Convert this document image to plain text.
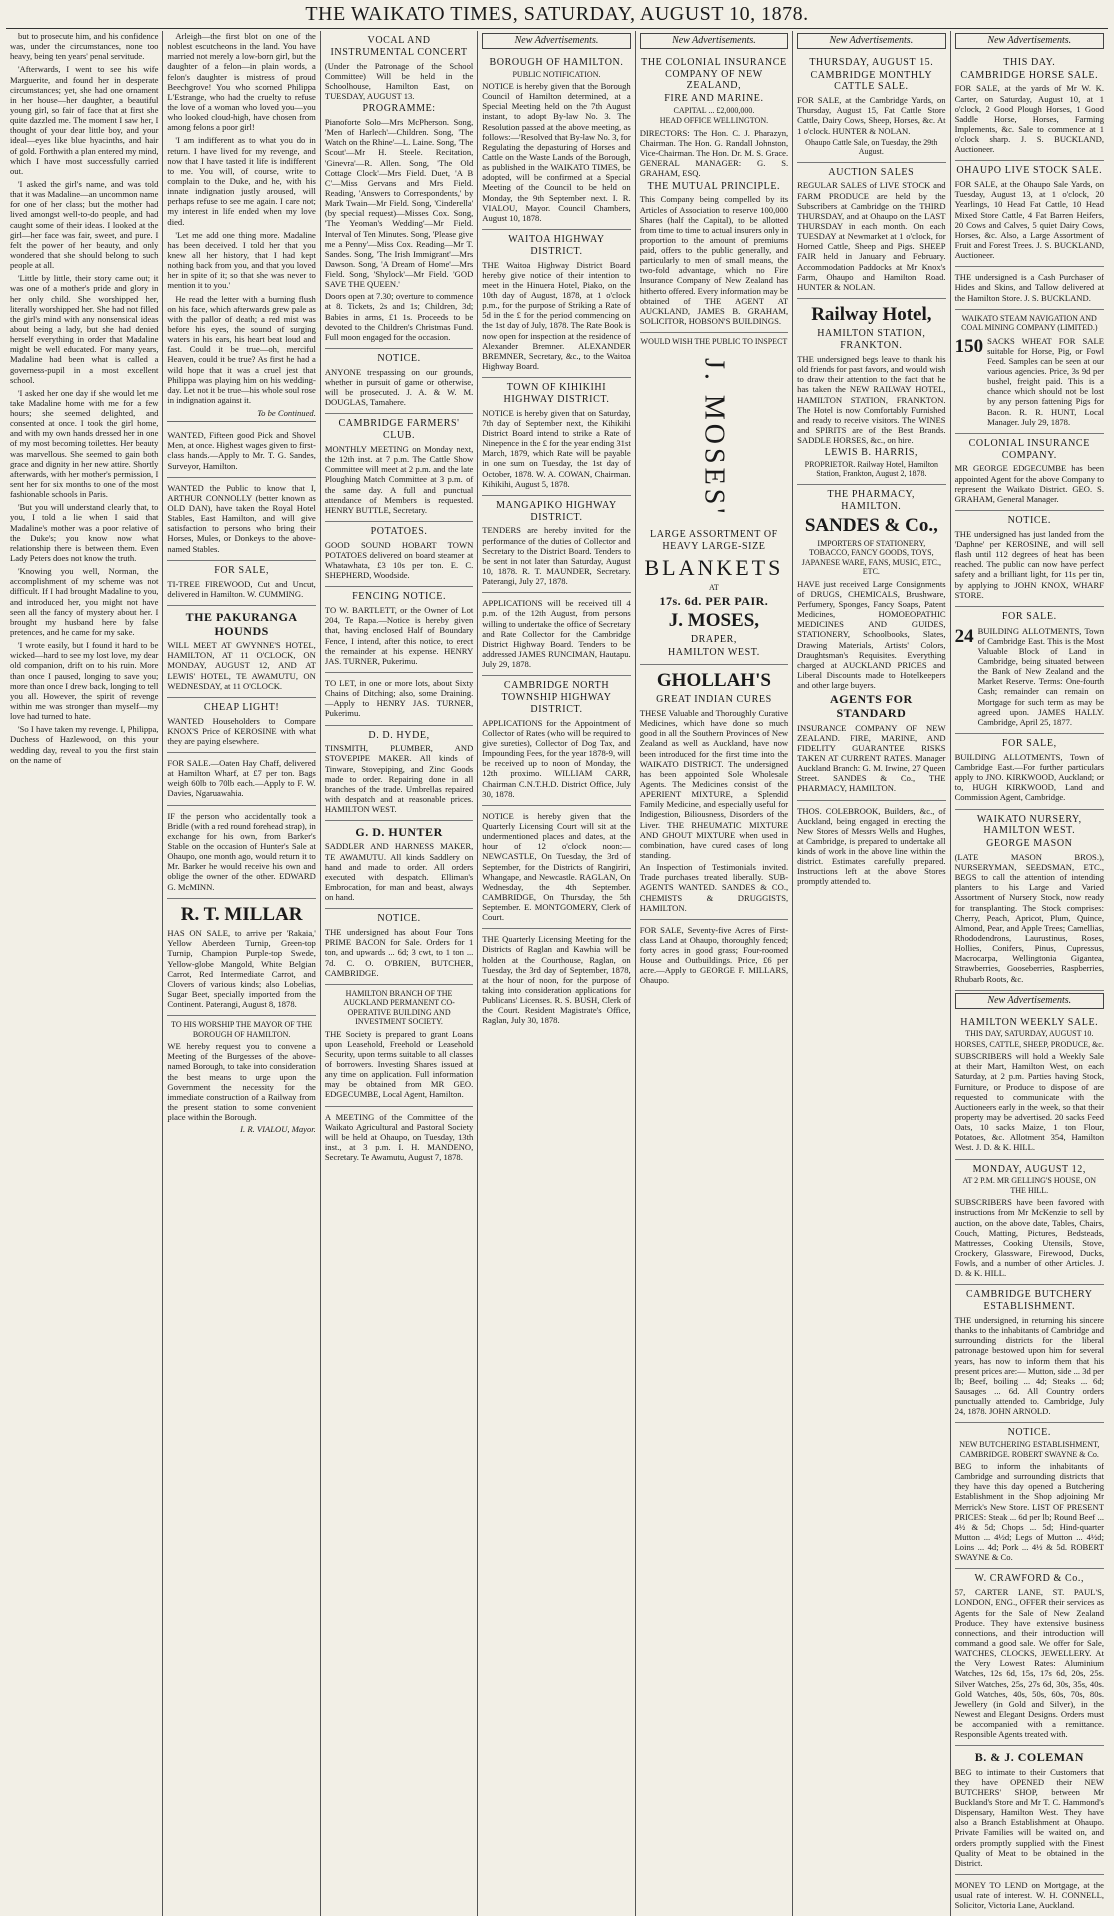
THE WAIKATO TIMES, SATURDAY, AUGUST 10, 1878.

but to prosecute him, and his confidence was, under the circumstances, none too heavy, being ten years' penal servitude.

'Afterwards, I went to see his wife Marguerite, and found her in desperate circumstances; yet, she had one ornament in her house—her daughter, a beautiful young girl, so fair of face that at first she quite dazzled me. The moment I saw her, I thought of your dear little boy, and your ideal—eyes like blue hyacinths, and hair of gold. Forthwith a plan entered my mind, which I have most successfully carried out.

'I asked the girl's name, and was told that it was Madaline—an uncommon name for one of her class; but the mother had lived amongst well-to-do people, and had caught some of their ideas. I looked at the girl—her face was fair, sweet, and pure. I felt the power of her beauty, and only wondered that she should belong to such people at all.

'Little by little, their story came out; it was one of a mother's pride and glory in her only child. She worshipped her, literally worshipped her. She had not filled the girl's mind with any nonsensical ideas about being a lady, but she had denied herself everything in order that Madaline might be well educated. For many years, Madaline had been what is called a governess-pupil in a most excellent school.

'I asked her one day if she would let me take Madaline home with me for a few hours; she seemed delighted, and consented at once. I took the girl home, and with my own hands dressed her in one of my most becoming toilettes. Her beauty was marvellous. She seemed to gain both grace and dignity in her new attire. Shortly afterwards, with her mother's permission, I sent her for six months to one of the most fashionable schools in Paris.

'But you will understand clearly that, to you, I told a lie when I said that Madaline's mother was a poor relative of the Duke's; you know now what relationship there is between them. Even Lady Peters does not know the truth.

'Knowing you well, Norman, the accomplishment of my scheme was not difficult. If I had brought Madaline to you, and introduced her, you might not have seen all the fancy of mystery about her. I brought my husband here by false pretences, and he came for my sake.

'I wrote easily, but I found it hard to be wicked—hard to see my lost love, my dear old companion, drift on to his ruin. More than once I paused, longing to save you; more than once I drew back, longing to tell you all. However, the spirit of revenge within me was stronger than myself—my love had turned to hate.

'So I have taken my revenge. I, Philippa, Duchess of Hazlewood, on this your wedding day, reveal to you the first stain on the name of

Arleigh—the first blot on one of the noblest escutcheons in the land. You have married not merely a low-born girl, but the daughter of a felon—in plain words, a felon's daughter is mistress of proud Beechgrove! You who scorned Philippa L'Estrange, who had the cruelty to refuse the love of a woman who loved you—you who looked cloud-high, have chosen from among felons a poor girl!

'I am indifferent as to what you do in return. I have lived for my revenge, and now that I have tasted it life is indifferent to me. You will, of course, write to complain to the Duke, and he, with his innate indignation justly aroused, will perhaps refuse to see me again. I care not; my interest in life ended when my love died.

'Let me add one thing more. Madaline has been deceived. I told her that you knew all her history, that I had kept nothing back from you, and that you loved her in spite of it; so that she was never to mention it to you.'

He read the letter with a burning flush on his face, which afterwards grew pale as with the pallor of death; a red mist was before his eyes, the sound of surging waters in his ears, his heart beat loud and fast. Could it be true—oh, merciful Heaven, could it be true? As first he had a wild hope that it was a cruel jest that Philippa was playing him on his wedding-day. Let not it be true—his whole soul rose in indignation against it.

To be Continued.
WANTED, Fifteen good Pick and Shovel Men, at once. Highest wages given to first-class hands.—Apply to Mr. T. G. Sandes, Surveyor, Hamilton.
WANTED the Public to know that I, ARTHUR CONNOLLY (better known as OLD DAN), have taken the Royal Hotel Stables, East Hamilton, and will give satisfaction to persons who bring their Horses, Mules, or Donkeys to the above-named Stables.
FOR SALE,
TI-TREE FIREWOOD, Cut and Uncut, delivered in Hamilton. W. CUMMING.
THE PAKURANGA HOUNDS
WILL MEET AT GWYNNE'S HOTEL, HAMILTON, AT 11 O'CLOCK, ON MONDAY, AUGUST 12, AND AT LEWIS' HOTEL, TE AWAMUTU, ON WEDNESDAY, at 11 O'CLOCK.
CHEAP LIGHT!
WANTED Householders to Compare KNOX'S Price of KEROSINE with what they are paying elsewhere.
FOR SALE.—Oaten Hay Chaff, delivered at Hamilton Wharf, at £7 per ton. Bags weigh 60lb to 70lb each.—Apply to F. W. Davies, Ngaruawahia.
IF the person who accidentally took a Bridle (with a red round forehead strap), in exchange for his own, from Barker's Stable on the occasion of Hunter's Sale at Ohaupo, one month ago, would return it to Mr. Barker he would receive his own and oblige the owner of the other. EDWARD G. McMINN.
R. T. MILLAR
HAS ON SALE, to arrive per 'Rakaia,' Yellow Aberdeen Turnip, Green-top Turnip, Champion Purple-top Swede, Yellow-globe Mangold, White Belgian Carrot, Red Intermediate Carrot, and Clovers of various kinds; also Lobelias, Sugar Beet, specially imported from the Continent. Paterangi, August 8, 1878.
TO HIS WORSHIP THE MAYOR OF THE BOROUGH OF HAMILTON.
WE hereby request you to convene a Meeting of the Burgesses of the above-named Borough, to take into consideration the best means to urge upon the Government the necessity for the immediate construction of a Railway from the present station to some convenient place within the Borough.
I. R. VIALOU, Mayor.
VOCAL AND INSTRUMENTAL CONCERT
(Under the Patronage of the School Committee) Will be held in the Schoolhouse, Hamilton East, on TUESDAY, AUGUST 13.
PROGRAMME:
Pianoforte Solo—Mrs McPherson. Song, 'Men of Harlech'—Children. Song, 'The Watch on the Rhine'—L. Laine. Song, 'The Scout'—Mr H. Steele. Recitation, 'Ginevra'—R. Allen. Song, 'The Old Cottage Clock'—Mrs Field. Duet, 'A B C'—Miss Gervans and Mrs Field. Reading, 'Answers to Correspondents,' by Mark Twain—Mr Field. Song, 'Cinderella' (by special request)—Misses Cox. Song, 'The Yeoman's Wedding'—Mr Field. Interval of Ten Minutes. Song, 'Please give me a Penny'—Miss Cox. Reading—Mr T. Sandes. Song, 'The Irish Immigrant'—Mrs Dawson. Song, 'A Dream of Home'—Mrs Field. Song, 'Shylock'—Mr Field. 'GOD SAVE THE QUEEN.'
Doors open at 7.30; overture to commence at 8. Tickets, 2s and 1s; Children, 3d; Babies in arms, £1 1s. Proceeds to be devoted to the Children's Christmas Fund. Full moon engaged for the occasion.
NOTICE.
ANYONE trespassing on our grounds, whether in pursuit of game or otherwise, will be prosecuted. J. A. & W. M. DOUGLAS, Tamahere.
CAMBRIDGE FARMERS' CLUB.
MONTHLY MEETING on Monday next, the 12th inst. at 7 p.m. The Cattle Show Committee will meet at 2 p.m. and the late Ploughing Match Committee at 3 p.m. of the same day. A full and punctual attendance of Members is requested. HENRY BUTTLE, Secretary.
POTATOES.
GOOD SOUND HOBART TOWN POTATOES delivered on board steamer at Whatawhata, £3 10s per ton. E. C. SHEPHERD, Woodside.
FENCING NOTICE.
TO W. BARTLETT, or the Owner of Lot 204, Te Rapa.—Notice is hereby given that, having enclosed Half of Boundary Fence, I intend, after this notice, to erect the remainder at his expense. HENRY JAS. TURNER, Pukerimu.
TO LET, in one or more lots, about Sixty Chains of Ditching; also, some Draining.—Apply to HENRY JAS. TURNER, Pukerimu.
D. D. HYDE,
TINSMITH, PLUMBER, AND STOVEPIPE MAKER. All kinds of Tinware, Stovepiping, and Zinc Goods made to order. Repairing done in all branches of the trade. Umbrellas repaired with despatch and at reasonable prices. HAMILTON WEST.
G. D. HUNTER
SADDLER AND HARNESS MAKER, TE AWAMUTU. All kinds Saddlery on hand and made to order. All orders executed with despatch. Elliman's Embrocation, for man and beast, always on hand.
NOTICE.
THE undersigned has about Four Tons PRIME BACON for Sale. Orders for 1 ton, and upwards ... 6d; 3 cwt, to 1 ton ... 7d. C. O. O'BRIEN, BUTCHER, CAMBRIDGE.
HAMILTON BRANCH OF THE AUCKLAND PERMANENT CO-OPERATIVE BUILDING AND INVESTMENT SOCIETY.
THE Society is prepared to grant Loans upon Leasehold, Freehold or Leasehold Security, upon terms suitable to all classes of borrowers. Investing Shares issued at any time on application. Full information may be obtained from MR GEO. EDGECUMBE, Local Agent, Hamilton.
A MEETING of the Committee of the Waikato Agricultural and Pastoral Society will be held at Ohaupo, on Tuesday, 13th inst., at 3 p.m. I. H. MANDENO, Secretary. Te Awamutu, August 7, 1878.
New Advertisements.
BOROUGH OF HAMILTON.
PUBLIC NOTIFICATION.
NOTICE is hereby given that the Borough Council of Hamilton determined, at a Special Meeting held on the 7th August instant, to adopt By-law No. 3. The Resolution passed at the above meeting, as follows:—'Resolved that By-law No. 3, for Regulating the depasturing of Horses and Cattle on the Waste Lands of the Borough, as published in the WAIKATO TIMES, be adopted, will be confirmed at a Special Meeting of the Council to be held on Monday, the 9th September next. I. R. VIALOU, Mayor. Council Chambers, August 10, 1878.
WAITOA HIGHWAY DISTRICT.
THE Waitoa Highway District Board hereby give notice of their intention to meet in the Hinuera Hotel, Piako, on the 10th day of August, 1878, at 1 o'clock p.m., for the purpose of Striking a Rate of 5d in the £ for the period commencing on the 1st day of July, 1878. The Rate Book is now open for inspection at the residence of Alexander Bremner. ALEXANDER BREMNER, Secretary, &c., to the Waitoa Highway Board.
TOWN OF KIHIKIHI HIGHWAY DISTRICT.
NOTICE is hereby given that on Saturday, 7th day of September next, the Kihikihi District Board intend to strike a Rate of Ninepence in the £ for the year ending 31st March, 1879, which Rate will be payable in one sum on Tuesday, the 1st day of October, 1878. W. A. COWAN, Chairman. Kihikihi, August 5, 1878.
MANGAPIKO HIGHWAY DISTRICT.
TENDERS are hereby invited for the performance of the duties of Collector and Secretary to the District Board. Tenders to be sent in not later than Saturday, August 10, 1878. R. T. MAUNDER, Secretary. Paterangi, July 27, 1878.
APPLICATIONS will be received till 4 p.m. of the 12th August, from persons willing to undertake the office of Secretary and Rate Collector for the Cambridge District Highway Board. Tenders to be addressed JAMES RUNCIMAN, Hautapu. July 29, 1878.
CAMBRIDGE NORTH TOWNSHIP HIGHWAY DISTRICT.
APPLICATIONS for the Appointment of Collector of Rates (who will be required to give sureties), Collector of Dog Tax, and Impounding Fees, for the year 1878-9, will be received up to noon of Monday, the 12th proximo. WILLIAM CARR, Chairman C.N.T.H.D. District Office, July 30, 1878.
NOTICE is hereby given that the Quarterly Licensing Court will sit at the undermentioned places and dates, at the hour of 12 o'clock noon:— NEWCASTLE, On Tuesday, the 3rd of September, for the Districts of Rangiriri, Whangape, and Newcastle. RAGLAN, On Wednesday, the 4th September. CAMBRIDGE, On Thursday, the 5th September. E. MONTGOMERY, Clerk of Court.
THE Quarterly Licensing Meeting for the Districts of Raglan and Kawhia will be holden at the Courthouse, Raglan, on Tuesday, the 3rd day of September, 1878, at the hour of noon, for the purpose of taking into consideration applications for Publicans' Licenses. R. S. BUSH, Clerk of the Court. Resident Magistrate's Office, Raglan, July 30, 1878.
New Advertisements.
THE COLONIAL INSURANCE COMPANY OF NEW ZEALAND,
FIRE AND MARINE.
CAPITAL ... £2,000,000.
HEAD OFFICE WELLINGTON.
DIRECTORS: The Hon. C. J. Pharazyn, Chairman. The Hon. G. Randall Johnston, Vice-Chairman. The Hon. Dr. M. S. Grace. GENERAL MANAGER: G. S. GRAHAM, ESQ.
THE MUTUAL PRINCIPLE.
This Company being compelled by its Articles of Association to reserve 100,000 Shares (half the Capital), to be allotted from time to time to actual insurers only in proportion to the amount of premiums paid, offers to the public generally, and particularly to men of small means, the two-fold advantage, which no Fire Insurance Company of New Zealand has hitherto offered. Every information may be obtained of THE AGENT AT AUCKLAND, JAMES B. GRAHAM, SOLICITOR, HOBSON'S BUILDINGS.
WOULD WISH THE PUBLIC TO INSPECT
J. MOSES'
LARGE ASSORTMENT OF
HEAVY LARGE-SIZE
BLANKETS
AT
17s. 6d. PER PAIR.
J. MOSES,
DRAPER,
HAMILTON WEST.
GHOLLAH'S
GREAT INDIAN CURES
THESE Valuable and Thoroughly Curative Medicines, which have done so much good in all the Southern Provinces of New Zealand as well as Auckland, have now been introduced for the first time into the WAIKATO DISTRICT. The undersigned has been appointed Sole Wholesale Agents. The Medicines consist of the APERIENT MIXTURE, a Splendid Family Medicine, and especially useful for Indigestion, Biliousness, Disorders of the Liver. THE RHEUMATIC MIXTURE AND GHOUT MIXTURE when used in combination, have cured cases of long standing.
An Inspection of Testimonials invited. Trade purchases treated liberally. SUB-AGENTS WANTED. SANDES & CO., CHEMISTS & DRUGGISTS, HAMILTON.
FOR SALE, Seventy-five Acres of First-class Land at Ohaupo, thoroughly fenced; forty acres in good grass; Four-roomed House and Outbuildings. Price, £6 per acre.—Apply to GEORGE F. MILLARS, Ohaupo.
New Advertisements.
THURSDAY, AUGUST 15.
CAMBRIDGE MONTHLY CATTLE SALE.
FOR SALE, at the Cambridge Yards, on Thursday, August 15, Fat Cattle Store Cattle, Dairy Cows, Sheep, Horses, &c. At 1 o'clock. HUNTER & NOLAN.
Ohaupo Cattle Sale, on Tuesday, the 29th August.
AUCTION SALES
REGULAR SALES of LIVE STOCK and FARM PRODUCE are held by the Subscribers at Cambridge on the THIRD THURSDAY, and at Ohaupo on the LAST THURSDAY in each month. On each TUESDAY at Newmarket at 1 o'clock, for Horned Cattle, Sheep and Pigs. SHEEP FAIR held in January and February. Accommodation Paddocks at Mr Knox's Farm, Ohaupo and Hamilton Road. HUNTER & NOLAN.
Railway Hotel,
HAMILTON STATION, FRANKTON.
THE undersigned begs leave to thank his old friends for past favors, and would wish to draw their attention to the fact that he has taken the NEW RAILWAY HOTEL, HAMILTON STATION, FRANKTON. The Hotel is now Comfortably Furnished and ready to receive visitors. The WINES and SPIRITS are of the Best Brands. SADDLE HORSES, &c., on hire.
LEWIS B. HARRIS,
PROPRIETOR. Railway Hotel, Hamilton Station, Frankton, August 2, 1878.
THE PHARMACY, HAMILTON.
SANDES & Co.,
IMPORTERS OF STATIONERY, TOBACCO, FANCY GOODS, TOYS, JAPANESE WARE, FANS, MUSIC, ETC., ETC.
HAVE just received Large Consignments of DRUGS, CHEMICALS, Brushware, Perfumery, Sponges, Fancy Soaps, Patent Medicines, HOMOEOPATHIC MEDICINES AND GUIDES, STATIONERY, Schoolbooks, Slates, Drawing Materials, Artists' Colors, Draughtsman's Requisites. Everything charged at AUCKLAND PRICES and Liberal Discounts made to Hotelkeepers and other large buyers.
AGENTS FOR STANDARD
INSURANCE COMPANY OF NEW ZEALAND. FIRE, MARINE, AND FIDELITY GUARANTEE RISKS TAKEN AT CURRENT RATES. Manager Auckland Branch: G. M. Irwine, 27 Queen Street. SANDES & Co., THE PHARMACY, HAMILTON.
THOS. COLEBROOK, Builders, &c., of Auckland, being engaged in erecting the New Stores of Messrs Wells and Hughes, at Cambridge, is prepared to undertake all kinds of work in the above line within the district. Estimates carefully prepared. Instructions left at the above Stores promptly attended to.
New Advertisements.
THIS DAY.
CAMBRIDGE HORSE SALE.
FOR SALE, at the yards of Mr W. K. Carter, on Saturday, August 10, at 1 o'clock, 2 Good Plough Horses, 1 Good Saddle Horse, Horses, Farming Implements, &c. Sale to commence at 1 o'clock sharp. J. S. BUCKLAND, Auctioneer.
OHAUPO LIVE STOCK SALE.
FOR SALE, at the Ohaupo Sale Yards, on Tuesday, August 13, at 1 o'clock, 20 Yearlings, 10 Head Fat Cattle, 10 Head Mixed Store Cattle, 4 Fat Barren Heifers, 20 Cows and Calves, 5 quiet Dairy Cows, Horses, &c. Also, a Large Assortment of Fruit and Forest Trees. J. S. BUCKLAND, Auctioneer.
THE undersigned is a Cash Purchaser of Hides and Skins, and Tallow delivered at the Hamilton Store. J. S. BUCKLAND.
WAIKATO STEAM NAVIGATION AND COAL MINING COMPANY (LIMITED.)
150 SACKS WHEAT FOR SALE suitable for Horse, Pig, or Fowl Feed. Samples can be seen at our various agencies. Price, 3s 9d per bushel, freight paid. This is a chance which should not be lost by any person fattening Pigs for Bacon. R. R. HUNT, Local Manager. July 29, 1878.
COLONIAL INSURANCE COMPANY.
MR GEORGE EDGECUMBE has been appointed Agent for the above Company to represent the Waikato District. GEO. S. GRAHAM, General Manager.
NOTICE.
THE undersigned has just landed from the 'Daphne' per KEROSINE, and will sell flash until 112 degrees of heat has been reached. The public can now have perfect safety and a brilliant light, for 11s per tin, by applying to JOHN KNOX, WHARF STORE.
FOR SALE.
24 BUILDING ALLOTMENTS, Town of Cambridge East. This is the Most Valuable Block of Land in Cambridge, being situated between the Bank of New Zealand and the Market Reserve. Terms: One-fourth Cash; remainder can remain on Mortgage for such term as may be agreed upon. JAMES HALLY. Cambridge, April 25, 1877.
FOR SALE,
BUILDING ALLOTMENTS, Town of Cambridge East.—For further particulars apply to JNO. KIRKWOOD, Auckland; or to, HUGH KIRKWOOD, Land and Commission Agent, Cambridge.
WAIKATO NURSERY, HAMILTON WEST.
GEORGE MASON
(LATE MASON BROS.), NURSERYMAN, SEEDSMAN, ETC., BEGS to call the attention of intending planters to his Large and Varied Assortment of Nursery Stock, now ready for transplanting. The Stock comprises: Cherry, Peach, Apricot, Plum, Quince, Almond, Pear, and Apple Trees; Camellias, Rhododendrons, Laurustinus, Roses, Hollies, Conifers, Pinus, Cupressus, Macrocarpa, Wellingtonia Gigantea, Strawberries, Gooseberries, Raspberries, Rhubarb Roots, &c.
New Advertisements.
HAMILTON WEEKLY SALE.
THIS DAY, SATURDAY, AUGUST 10.
HORSES, CATTLE, SHEEP, PRODUCE, &c.
SUBSCRIBERS will hold a Weekly Sale at their Mart, Hamilton West, on each Saturday, at 2 p.m. Parties having Stock, Furniture, or Produce to dispose of are requested to communicate with the Auctioneers early in the week, so that their property may be advertised. 20 sacks Feed Oats, 10 sacks Maize, 1 ton Flour, Potatoes, &c. Allotment 354, Hamilton West. J. D. & K. HILL.
MONDAY, AUGUST 12,
AT 2 P.M. MR GELLING'S HOUSE, ON THE HILL.
SUBSCRIBERS have been favored with instructions from Mr McKenzie to sell by auction, on the above date, Tables, Chairs, Couch, Matting, Pictures, Bedsteads, Mattresses, Cooking Utensils, Stove, Crockery, Glassware, Firewood, Ducks, Fowls, and a number of other Articles. J. D. & K. HILL.
CAMBRIDGE BUTCHERY ESTABLISHMENT.
THE undersigned, in returning his sincere thanks to the inhabitants of Cambridge and surrounding districts for the liberal patronage bestowed upon him for several years, has now to inform them that his present prices are:— Mutton, side ... 3d per lb; Beef, boiling ... 4d; Steaks ... 6d; Sausages ... 6d. All Country orders punctually attended to. Cambridge, July 24, 1878. JOHN ARNOLD.
NOTICE.
NEW BUTCHERING ESTABLISHMENT, CAMBRIDGE. ROBERT SWAYNE & Co.
BEG to inform the inhabitants of Cambridge and surrounding districts that they have this day opened a Butchering Establishment in the Shop adjoining Mr Merrick's New Store. LIST OF PRESENT PRICES: Steak ... 6d per lb; Round Beef ... 4½ & 5d; Chops ... 5d; Hind-quarter Mutton ... 4½d; Legs of Mutton ... 4½d; Loins ... 4d; Pork ... 4½ & 5d. ROBERT SWAYNE & Co.
W. CRAWFORD & Co.,
57, CARTER LANE, ST. PAUL'S, LONDON, ENG., OFFER their services as Agents for the Sale of New Zealand Produce. They have extensive business connections, and their introduction will command a good sale. We offer for Sale, WATCHES, CLOCKS, JEWELLERY. At the Very Lowest Rates: Aluminium Watches, 12s 6d, 15s, 17s 6d, 20s, 25s. Silver Watches, 25s, 27s 6d, 30s, 35s, 40s. Gold Watches, 40s, 50s, 60s, 70s, 80s. Jewellery (in Gold and Silver), in the Newest and Elegant Designs. Orders must be accompanied with a remittance. Responsible Agents treated with.
B. & J. COLEMAN
BEG to intimate to their Customers that they have OPENED their NEW BUTCHERS' SHOP, between Mr Buckland's Store and Mr T. C. Hammond's Dispensary, Hamilton West. They have also a Branch Establishment at Ohaupo. Private Families will be waited on, and orders promptly supplied with the Finest Quality of Meat to be obtained in the District.
MONEY TO LEND on Mortgage, at the usual rate of interest. W. H. CONNELL, Solicitor, Victoria Lane, Auckland.
